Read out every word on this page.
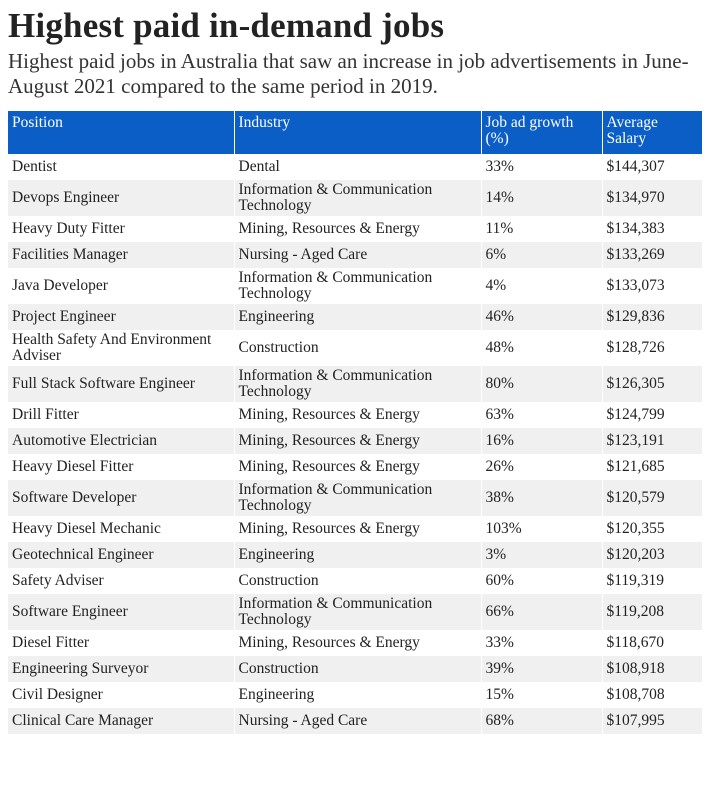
Highest paid in-demand jobs
Highest paid jobs in Australia that saw an increase in job advertisements in June-August 2021 compared to the same period in 2019.
Position	Industry	Job ad growth (%)	Average Salary
Dentist	Dental	33%	$144,307
Devops Engineer	Information & Communication Technology	14%	$134,970
Heavy Duty Fitter	Mining, Resources & Energy	11%	$134,383
Facilities Manager	Nursing - Aged Care	6%	$133,269
Java Developer	Information & Communication Technology	4%	$133,073
Project Engineer	Engineering	46%	$129,836
Health Safety And Environment Adviser	Construction	48%	$128,726
Full Stack Software Engineer	Information & Communication Technology	80%	$126,305
Drill Fitter	Mining, Resources & Energy	63%	$124,799
Automotive Electrician	Mining, Resources & Energy	16%	$123,191
Heavy Diesel Fitter	Mining, Resources & Energy	26%	$121,685
Software Developer	Information & Communication Technology	38%	$120,579
Heavy Diesel Mechanic	Mining, Resources & Energy	103%	$120,355
Geotechnical Engineer	Engineering	3%	$120,203
Safety Adviser	Construction	60%	$119,319
Software Engineer	Information & Communication Technology	66%	$119,208
Diesel Fitter	Mining, Resources & Energy	33%	$118,670
Engineering Surveyor	Construction	39%	$108,918
Civil Designer	Engineering	15%	$108,708
Clinical Care Manager	Nursing - Aged Care	68%	$107,995
